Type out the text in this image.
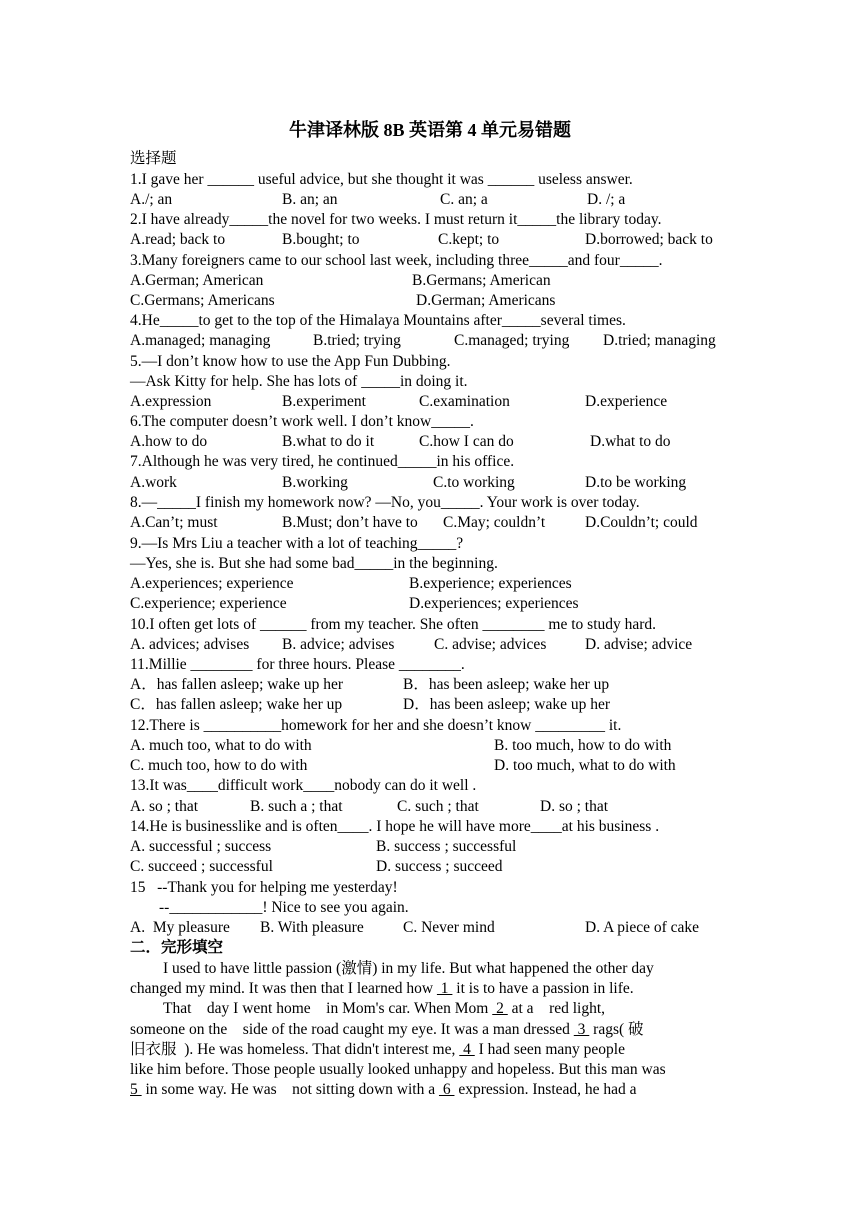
牛津译林版 8B 英语第 4 单元易错题
选择题
1.I gave her ______ useful advice, but she thought it was ______ useless answer.
A./; an	B. an; an	C. an; a	D. /; a
2.I have already_____the novel for two weeks. I must return it_____the library today.
A.read; back to	B.bought; to	C.kept; to	D.borrowed; back to
3.Many foreigners came to our school last week, including three_____and four_____.
A.German; American	B.Germans; American
C.Germans; Americans	D.German; Americans
4.He_____to get to the top of the Himalaya Mountains after_____several times.
A.managed; managing	B.tried; trying	C.managed; trying D.tried; managing
5.—I don’t know how to use the App Fun Dubbing.
—Ask Kitty for help. She has lots of _____in doing it.
A.expression	B.experiment	C.examination	D.experience
6.The computer doesn’t work well. I don’t know_____.
A.how to do	B.what to do it	C.how I can do	D.what to do
7.Although he was very tired, he continued_____in his office.
A.work	B.working	C.to working	D.to be working
8.—_____I finish my homework now? —No, you_____. Your work is over today.
A.Can’t; must	B.Must; don’t have to C.May; couldn’t	D.Couldn’t; could
9.—Is Mrs Liu a teacher with a lot of teaching_____?
—Yes, she is. But she had some bad_____in the beginning.
A.experiences; experience	B.experience; experiences
C.experience; experience	D.experiences; experiences
10.I often get lots of ______ from my teacher. She often ________ me to study hard.
A. advices; advises B. advice; advises	C. advise; advices D. advise; advice
11.Millie ________ for three hours. Please ________.
A．has fallen asleep; wake up her	B．has been asleep; wake her up
C．has fallen asleep; wake her up	D．has been asleep; wake up her
12.There is __________homework for her and she doesn’t know _________ it.
A. much too, what to do with	B. too much, how to do with
C. much too, how to do with	D. too much, what to do with
13.It was____difficult work____nobody can do it well .
A. so ; that	B. such a ; that	C. such ; that	D. so ; that
14.He is businesslike and is often____. I hope he will have more____at his business .
A. successful ; success	B. success ; successful
C. succeed ; successful	D. success ; succeed
15   --Thank you for helping me yesterday!
--____________! Nice to see you again.
A.  My pleasure B. With pleasure	C. Never mind	D. A piece of cake
二．完形填空
I used to have little passion (激情) in my life. But what happened the other day
changed my mind. It was then that I learned how  1  it is to have a passion in life.
That    day I went home    in Mom's car. When Mom  2  at a    red light,
someone on the    side of the road caught my eye. It was a man dressed  3  rags( 破
旧衣服  ). He was homeless. That didn't interest me,  4  I had seen many people
like him before. Those people usually looked unhappy and hopeless. But this man was
5  in some way. He was    not sitting down with a  6  expression. Instead, he had a
